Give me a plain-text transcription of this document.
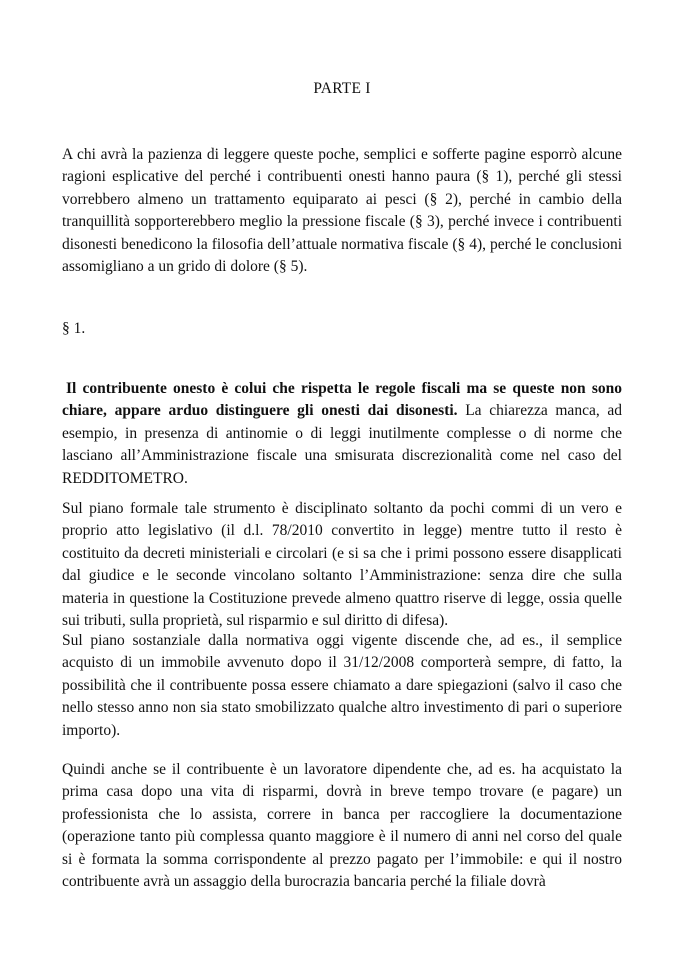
PARTE I

A chi avrà la pazienza di leggere queste poche, semplici e sofferte pagine esporrò alcune ragioni esplicative del perché i contribuenti onesti hanno paura (§ 1), perché gli stessi vorrebbero almeno un trattamento equiparato ai pesci (§ 2), perché in cambio della tranquillità sopporterebbero meglio la pressione fiscale (§ 3), perché invece i contribuenti disonesti benedicono la filosofia dell’attuale normativa fiscale (§ 4), perché le conclusioni assomigliano a un grido di dolore (§ 5).

§ 1.

Il contribuente onesto è colui che rispetta le regole fiscali ma se queste non sono chiare, appare arduo distinguere gli onesti dai disonesti. La chiarezza manca, ad esempio, in presenza di antinomie o di leggi inutilmente complesse o di norme che lasciano all’Amministrazione fiscale una smisurata discrezionalità come nel caso del REDDITOMETRO.

Sul piano formale tale strumento è disciplinato soltanto da pochi commi di un vero e proprio atto legislativo (il d.l. 78/2010 convertito in legge) mentre tutto il resto è costituito da decreti ministeriali e circolari (e si sa che i primi possono essere disapplicati dal giudice e le seconde vincolano soltanto l’Amministrazione: senza dire che sulla materia in questione la Costituzione prevede almeno quattro riserve di legge, ossia quelle sui tributi, sulla proprietà, sul risparmio e sul diritto di difesa).

Sul piano sostanziale dalla normativa oggi vigente discende che, ad es., il semplice acquisto di un immobile avvenuto dopo il 31/12/2008 comporterà sempre, di fatto, la possibilità che il contribuente possa essere chiamato a dare spiegazioni (salvo il caso che nello stesso anno non sia stato smobilizzato qualche altro investimento di pari o superiore importo).

Quindi anche se il contribuente è un lavoratore dipendente che, ad es. ha acquistato la prima casa dopo una vita di risparmi, dovrà in breve tempo trovare (e pagare) un professionista che lo assista, correre in banca per raccogliere la documentazione (operazione tanto più complessa quanto maggiore è il numero di anni nel corso del quale si è formata la somma corrispondente al prezzo pagato per l’immobile: e qui il nostro contribuente avrà un assaggio della burocrazia bancaria perché la filiale dovrà
